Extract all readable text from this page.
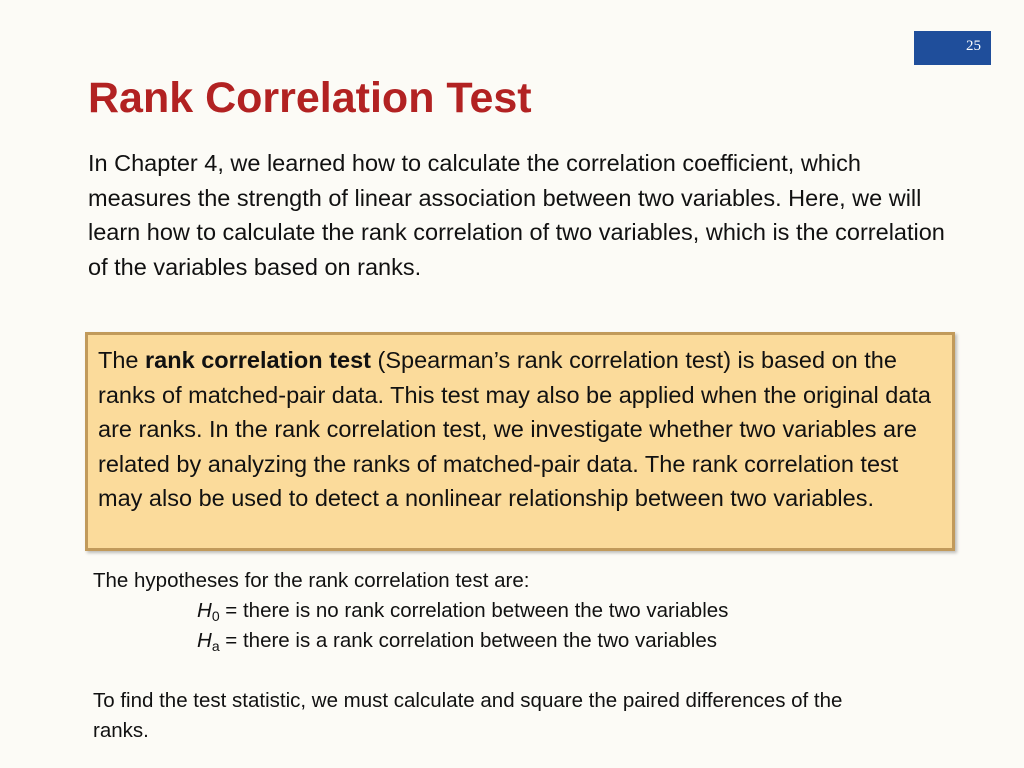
25
Rank Correlation Test

In Chapter 4, we learned how to calculate the correlation coefficient, which measures the strength of linear association between two variables. Here, we will learn how to calculate the rank correlation of two variables, which is the correlation of the variables based on ranks.

The rank correlation test (Spearman’s rank correlation test) is based on the ranks of matched-pair data. This test may also be applied when the original data are ranks. In the rank correlation test, we investigate whether two variables are related by analyzing the ranks of matched-pair data. The rank correlation test may also be used to detect a nonlinear relationship between two variables.
The hypotheses for the rank correlation test are:
$H_0$ = there is no rank correlation between the two variables
$H_a$ = there is a rank correlation between the two variables

To find the test statistic, we must calculate and square the paired differences of the ranks.
